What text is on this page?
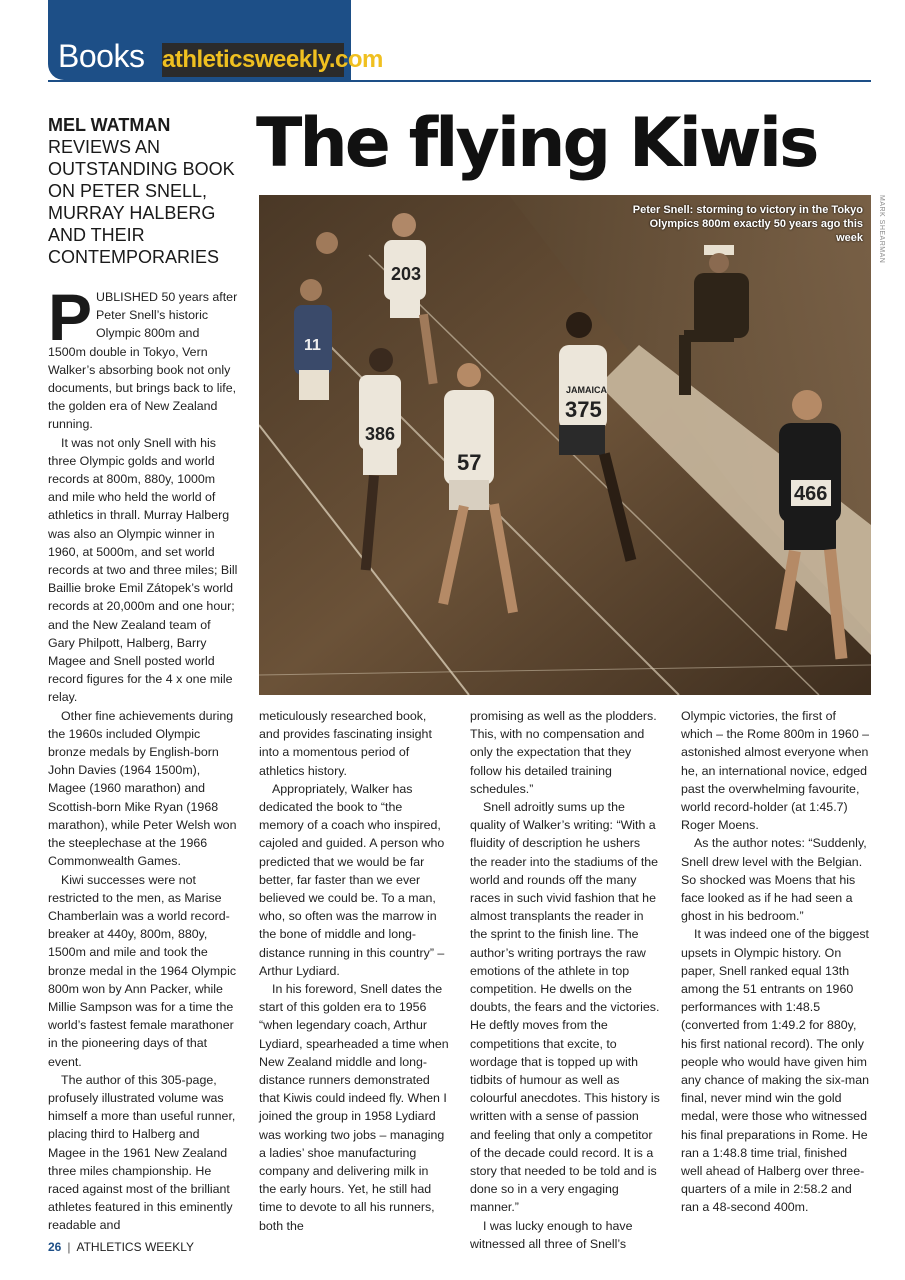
Books athleticsweekly.com
The flying Kiwis
MEL WATMAN
REVIEWS AN OUTSTANDING BOOK ON PETER SNELL, MURRAY HALBERG AND THEIR CONTEMPORARIES
203
11
386
57
JAMAICA
375
466
Peter Snell: storming to victory in the Tokyo Olympics 800m exactly 50 years ago this week	MARK SHEARMAN

PUBLISHED 50 years after Peter Snell’s historic Olympic 800m and 1500m double in Tokyo, Vern Walker’s absorbing book not only documents, but brings back to life, the golden era of New Zealand running.

It was not only Snell with his three Olympic golds and world records at 800m, 880y, 1000m and mile who held the world of athletics in thrall. Murray Halberg was also an Olympic winner in 1960, at 5000m, and set world records at two and three miles; Bill Baillie broke Emil Zátopek’s world records at 20,000m and one hour; and the New Zealand team of Gary Philpott, Halberg, Barry Magee and Snell posted world record figures for the 4 x one mile relay.

Other fine achievements during the 1960s included Olympic bronze medals by English-born John Davies (1964 1500m), Magee (1960 marathon) and Scottish-born Mike Ryan (1968 marathon), while Peter Welsh won the steeplechase at the 1966 Commonwealth Games.

Kiwi successes were not restricted to the men, as Marise Chamberlain was a world record-breaker at 440y, 800m, 880y, 1500m and mile and took the bronze medal in the 1964 Olympic 800m won by Ann Packer, while Millie Sampson was for a time the world’s fastest female marathoner in the pioneering days of that event.

The author of this 305-page, profusely illustrated volume was himself a more than useful runner, placing third to Halberg and Magee in the 1961 New Zealand three miles championship. He raced against most of the brilliant athletes featured in this eminently readable and

meticulously researched book, and provides fascinating insight into a momentous period of athletics history.

Appropriately, Walker has dedicated the book to “the memory of a coach who inspired, cajoled and guided. A person who predicted that we would be far better, far faster than we ever believed we could be. To a man, who, so often was the marrow in the bone of middle and long-distance running in this country” – Arthur Lydiard.

In his foreword, Snell dates the start of this golden era to 1956 “when legendary coach, Arthur Lydiard, spearheaded a time when New Zealand middle and long-distance runners demonstrated that Kiwis could indeed fly. When I joined the group in 1958 Lydiard was working two jobs – managing a ladies’ shoe manufacturing company and delivering milk in the early hours. Yet, he still had time to devote to all his runners, both the

promising as well as the plodders. This, with no compensation and only the expectation that they follow his detailed training schedules.”

Snell adroitly sums up the quality of Walker’s writing: “With a fluidity of description he ushers the reader into the stadiums of the world and rounds off the many races in such vivid fashion that he almost transplants the reader in the sprint to the finish line. The author’s writing portrays the raw emotions of the athlete in top competition. He dwells on the doubts, the fears and the victories. He deftly moves from the competitions that excite, to wordage that is topped up with tidbits of humour as well as colourful anecdotes. This history is written with a sense of passion and feeling that only a competitor of the decade could record. It is a story that needed to be told and is done so in a very engaging manner.”

I was lucky enough to have witnessed all three of Snell’s

Olympic victories, the first of which – the Rome 800m in 1960 – astonished almost everyone when he, an international novice, edged past the overwhelming favourite, world record-holder (at 1:45.7) Roger Moens.

As the author notes: “Suddenly, Snell drew level with the Belgian. So shocked was Moens that his face looked as if he had seen a ghost in his bedroom.”

It was indeed one of the biggest upsets in Olympic history. On paper, Snell ranked equal 13th among the 51 entrants on 1960 performances with 1:48.5 (converted from 1:49.2 for 880y, his first national record). The only people who would have given him any chance of making the six-man final, never mind win the gold medal, were those who witnessed his final preparations in Rome. He ran a 1:48.8 time trial, finished well ahead of Halberg over three-quarters of a mile in 2:58.2 and ran a 48-second 400m.

26 | ATHLETICS WEEKLY
